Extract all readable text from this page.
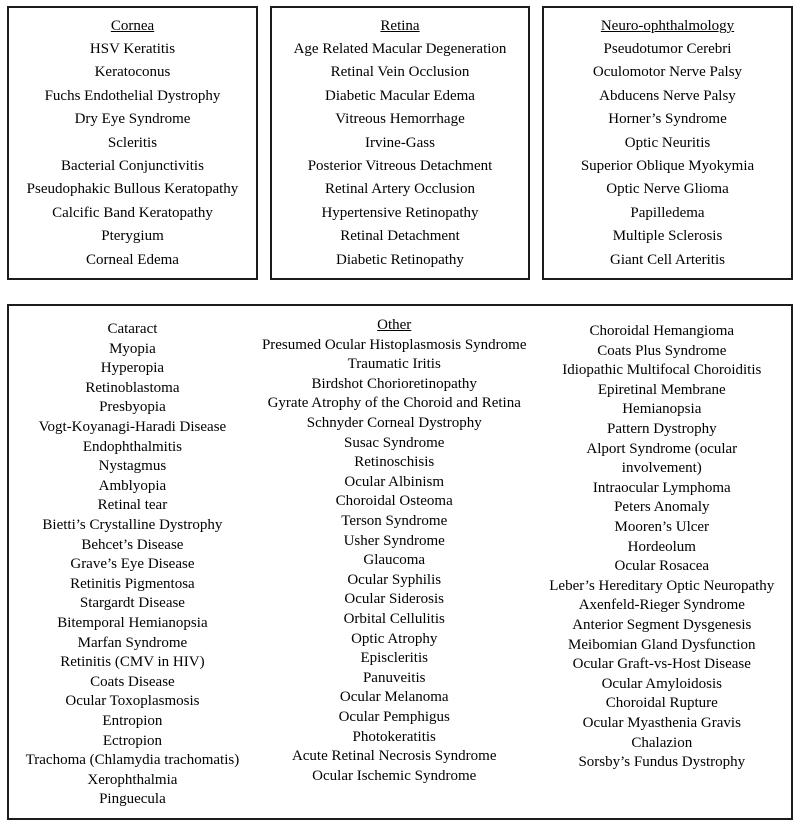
Cornea
HSV Keratitis
Keratoconus
Fuchs Endothelial Dystrophy
Dry Eye Syndrome
Scleritis
Bacterial Conjunctivitis
Pseudophakic Bullous Keratopathy
Calcific Band Keratopathy
Pterygium
Corneal Edema
Retina
Age Related Macular Degeneration
Retinal Vein Occlusion
Diabetic Macular Edema
Vitreous Hemorrhage
Irvine-Gass
Posterior Vitreous Detachment
Retinal Artery Occlusion
Hypertensive Retinopathy
Retinal Detachment
Diabetic Retinopathy
Neuro-ophthalmology
Pseudotumor Cerebri
Oculomotor Nerve Palsy
Abducens Nerve Palsy
Horner’s Syndrome
Optic Neuritis
Superior Oblique Myokymia
Optic Nerve Glioma
Papilledema
Multiple Sclerosis
Giant Cell Arteritis
Cataract
Myopia
Hyperopia
Retinoblastoma
Presbyopia
Vogt-Koyanagi-Haradi Disease
Endophthalmitis
Nystagmus
Amblyopia
Retinal tear
Bietti’s Crystalline Dystrophy
Behcet’s Disease
Grave’s Eye Disease
Retinitis Pigmentosa
Stargardt Disease
Bitemporal Hemianopsia
Marfan Syndrome
Retinitis (CMV in HIV)
Coats Disease
Ocular Toxoplasmosis
Entropion
Ectropion
Trachoma (Chlamydia trachomatis)
Xerophthalmia
Pinguecula
Other
Presumed Ocular Histoplasmosis Syndrome
Traumatic Iritis
Birdshot Chorioretinopathy
Gyrate Atrophy of the Choroid and Retina
Schnyder Corneal Dystrophy
Susac Syndrome
Retinoschisis
Ocular Albinism
Choroidal Osteoma
Terson Syndrome
Usher Syndrome
Glaucoma
Ocular Syphilis
Ocular Siderosis
Orbital Cellulitis
Optic Atrophy
Episcleritis
Panuveitis
Ocular Melanoma
Ocular Pemphigus
Photokeratitis
Acute Retinal Necrosis Syndrome
Ocular Ischemic Syndrome
Choroidal Hemangioma
Coats Plus Syndrome
Idiopathic Multifocal Choroiditis
Epiretinal Membrane
Hemianopsia
Pattern Dystrophy
Alport Syndrome (ocular involvement)
Intraocular Lymphoma
Peters Anomaly
Mooren’s Ulcer
Hordeolum
Ocular Rosacea
Leber’s Hereditary Optic Neuropathy
Axenfeld-Rieger Syndrome
Anterior Segment Dysgenesis
Meibomian Gland Dysfunction
Ocular Graft-vs-Host Disease
Ocular Amyloidosis
Choroidal Rupture
Ocular Myasthenia Gravis
Chalazion
Sorsby’s Fundus Dystrophy
